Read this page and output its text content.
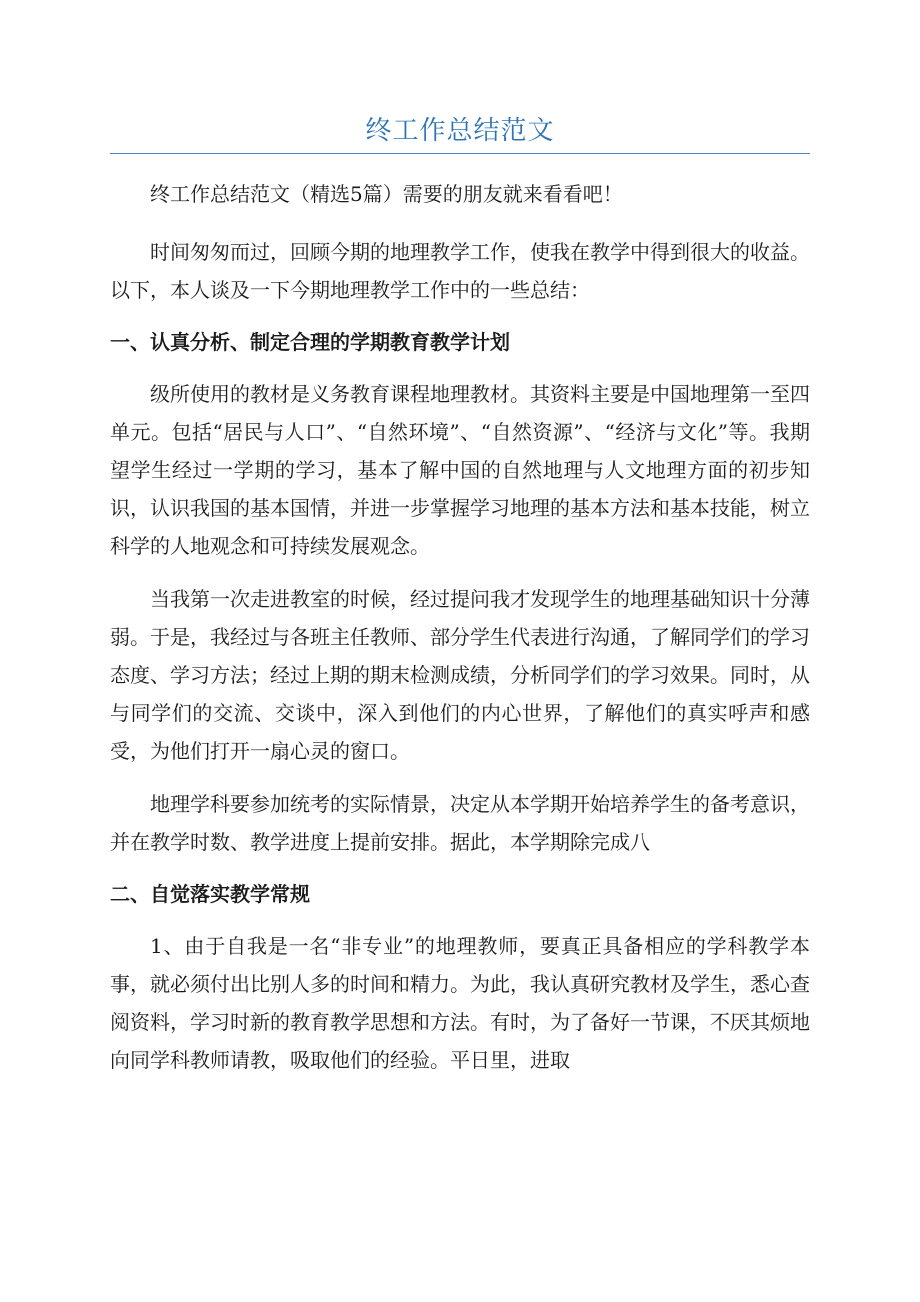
终工作总结范文

终工作总结范文（精选5篇）需要的朋友就来看看吧！

时间匆匆而过，回顾今期的地理教学工作，使我在教学中得到很大的收益。以下，本人谈及一下今期地理教学工作中的一些总结：

一、认真分析、制定合理的学期教育教学计划

级所使用的教材是义务教育课程地理教材。其资料主要是中国地理第一至四单元。包括“居民与人口”、“自然环境”、“自然资源”、“经济与文化”等。我期望学生经过一学期的学习，基本了解中国的自然地理与人文地理方面的初步知识，认识我国的基本国情，并进一步掌握学习地理的基本方法和基本技能，树立科学的人地观念和可持续发展观念。

当我第一次走进教室的时候，经过提问我才发现学生的地理基础知识十分薄弱。于是，我经过与各班主任教师、部分学生代表进行沟通，了解同学们的学习态度、学习方法；经过上期的期末检测成绩，分析同学们的学习效果。同时，从与同学们的交流、交谈中，深入到他们的内心世界，了解他们的真实呼声和感受，为他们打开一扇心灵的窗口。

地理学科要参加统考的实际情景，决定从本学期开始培养学生的备考意识，并在教学时数、教学进度上提前安排。据此，本学期除完成八

二、自觉落实教学常规

1、由于自我是一名“非专业”的地理教师，要真正具备相应的学科教学本事，就必须付出比别人多的时间和精力。为此，我认真研究教材及学生，悉心查阅资料，学习时新的教育教学思想和方法。有时，为了备好一节课，不厌其烦地向同学科教师请教，吸取他们的经验。平日里，进取
